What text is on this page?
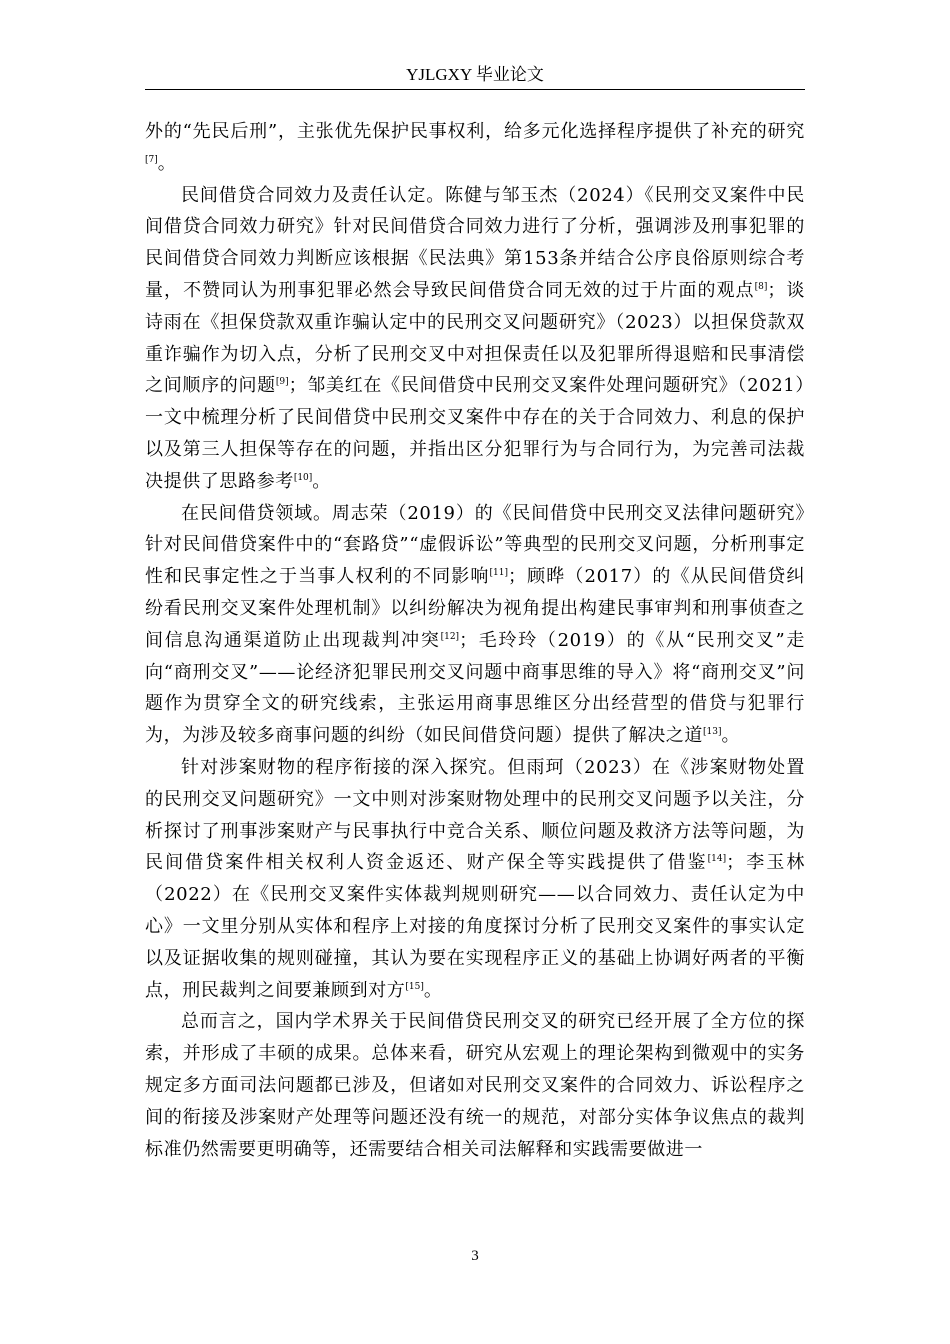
YJLGXY 毕业论文

外的“先民后刑”，主张优先保护民事权利，给多元化选择程序提供了补充的研究[7]。

民间借贷合同效力及责任认定。陈健与邹玉杰（2024）《民刑交叉案件中民间借贷合同效力研究》针对民间借贷合同效力进行了分析，强调涉及刑事犯罪的民间借贷合同效力判断应该根据《民法典》第153条并结合公序良俗原则综合考量，不赞同认为刑事犯罪必然会导致民间借贷合同无效的过于片面的观点[8]；谈诗雨在《担保贷款双重诈骗认定中的民刑交叉问题研究》（2023）以担保贷款双重诈骗作为切入点，分析了民刑交叉中对担保责任以及犯罪所得退赔和民事清偿之间顺序的问题[9]；邹美红在《民间借贷中民刑交叉案件处理问题研究》（2021）一文中梳理分析了民间借贷中民刑交叉案件中存在的关于合同效力、利息的保护以及第三人担保等存在的问题，并指出区分犯罪行为与合同行为，为完善司法裁决提供了思路参考[10]。

在民间借贷领域。周志荣（2019）的《民间借贷中民刑交叉法律问题研究》针对民间借贷案件中的“套路贷”“虚假诉讼”等典型的民刑交叉问题，分析刑事定性和民事定性之于当事人权利的不同影响[11]；顾晔（2017）的《从民间借贷纠纷看民刑交叉案件处理机制》以纠纷解决为视角提出构建民事审判和刑事侦查之间信息沟通渠道防止出现裁判冲突[12]；毛玲玲（2019）的《从“民刑交叉”走向“商刑交叉”——论经济犯罪民刑交叉问题中商事思维的导入》将“商刑交叉”问题作为贯穿全文的研究线索，主张运用商事思维区分出经营型的借贷与犯罪行为，为涉及较多商事问题的纠纷（如民间借贷问题）提供了解决之道[13]。

针对涉案财物的程序衔接的深入探究。但雨珂（2023）在《涉案财物处置的民刑交叉问题研究》一文中则对涉案财物处理中的民刑交叉问题予以关注，分析探讨了刑事涉案财产与民事执行中竞合关系、顺位问题及救济方法等问题，为民间借贷案件相关权利人资金返还、财产保全等实践提供了借鉴[14]；李玉林（2022）在《民刑交叉案件实体裁判规则研究——以合同效力、责任认定为中心》一文里分别从实体和程序上对接的角度探讨分析了民刑交叉案件的事实认定以及证据收集的规则碰撞，其认为要在实现程序正义的基础上协调好两者的平衡点，刑民裁判之间要兼顾到对方[15]。

总而言之，国内学术界关于民间借贷民刑交叉的研究已经开展了全方位的探索，并形成了丰硕的成果。总体来看，研究从宏观上的理论架构到微观中的实务规定多方面司法问题都已涉及，但诸如对民刑交叉案件的合同效力、诉讼程序之间的衔接及涉案财产处理等问题还没有统一的规范，对部分实体争议焦点的裁判标准仍然需要更明确等，还需要结合相关司法解释和实践需要做进一

3
